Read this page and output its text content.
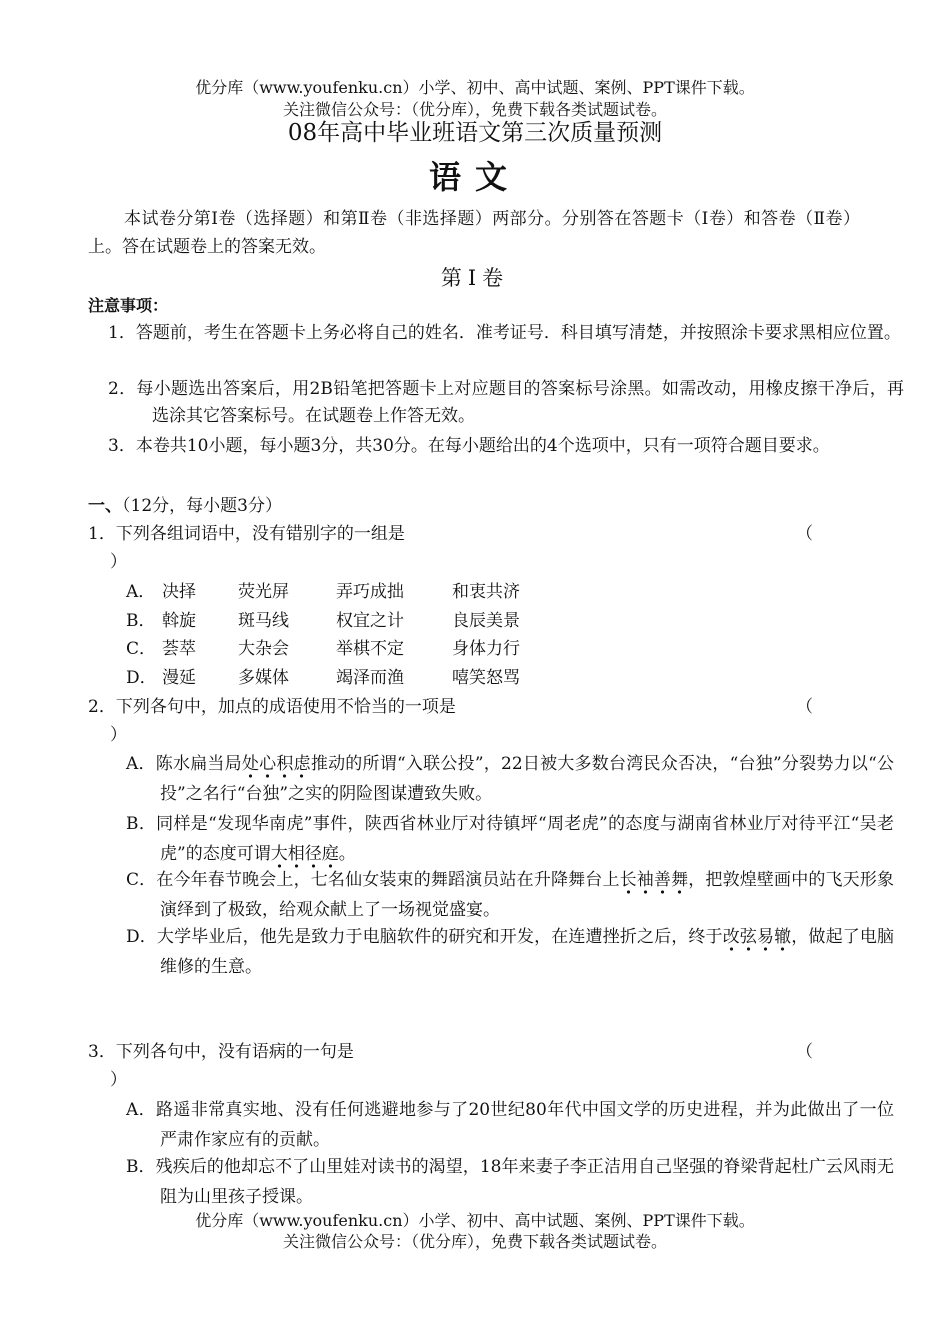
优分库（www.youfenku.cn）小学、初中、高中试题、案例、PPT课件下载。
关注微信公众号：（优分库），免费下载各类试题试卷。
08年高中毕业班语文第三次质量预测
语文
本试卷分第Ⅰ卷（选择题）和第Ⅱ卷（非选择题）两部分。分别答在答题卡（Ⅰ卷）和答卷（Ⅱ卷）上。答在试题卷上的答案无效。
第Ⅰ卷
注意事项：
1．答题前，考生在答题卡上务必将自己的姓名．准考证号．科目填写清楚，并按照涂卡要求黑相应位置。
2．每小题选出答案后，用2B铅笔把答题卡上对应题目的答案标号涂黑。如需改动，用橡皮擦干净后，再选涂其它答案标号。在试题卷上作答无效。
3．本卷共10小题，每小题3分，共30分。在每小题给出的4个选项中，只有一项符合题目要求。
一、（12分，每小题3分）
1．下列各组词语中，没有错别字的一组是	（
）
A． 决择 荧光屏	弄巧成拙	和衷共济
B． 斡旋 斑马线	权宜之计	良辰美景
C． 荟萃 大杂会	举棋不定	身体力行
D． 漫延 多媒体	竭泽而渔	嘻笑怒骂
2．下列各句中，加点的成语使用不恰当的一项是	（
）
A．陈水扁当局处心积虑推动的所谓“入联公投”，22日被大多数台湾民众否决，“台独”分裂势力以“公投”之名行“台独”之实的阴险图谋遭致失败。
B．同样是“发现华南虎”事件，陕西省林业厅对待镇坪“周老虎”的态度与湖南省林业厅对待平江“吴老虎”的态度可谓大相径庭。
C．在今年春节晚会上，七名仙女装束的舞蹈演员站在升降舞台上长袖善舞，把敦煌壁画中的飞天形象演绎到了极致，给观众献上了一场视觉盛宴。
D．大学毕业后，他先是致力于电脑软件的研究和开发，在连遭挫折之后，终于改弦易辙，做起了电脑维修的生意。
3．下列各句中，没有语病的一句是	（
）
A．路遥非常真实地、没有任何逃避地参与了20世纪80年代中国文学的历史进程，并为此做出了一位严肃作家应有的贡献。
B．残疾后的他却忘不了山里娃对读书的渴望，18年来妻子李正洁用自己坚强的脊梁背起杜广云风雨无阻为山里孩子授课。
优分库（www.youfenku.cn）小学、初中、高中试题、案例、PPT课件下载。
关注微信公众号：（优分库），免费下载各类试题试卷。
